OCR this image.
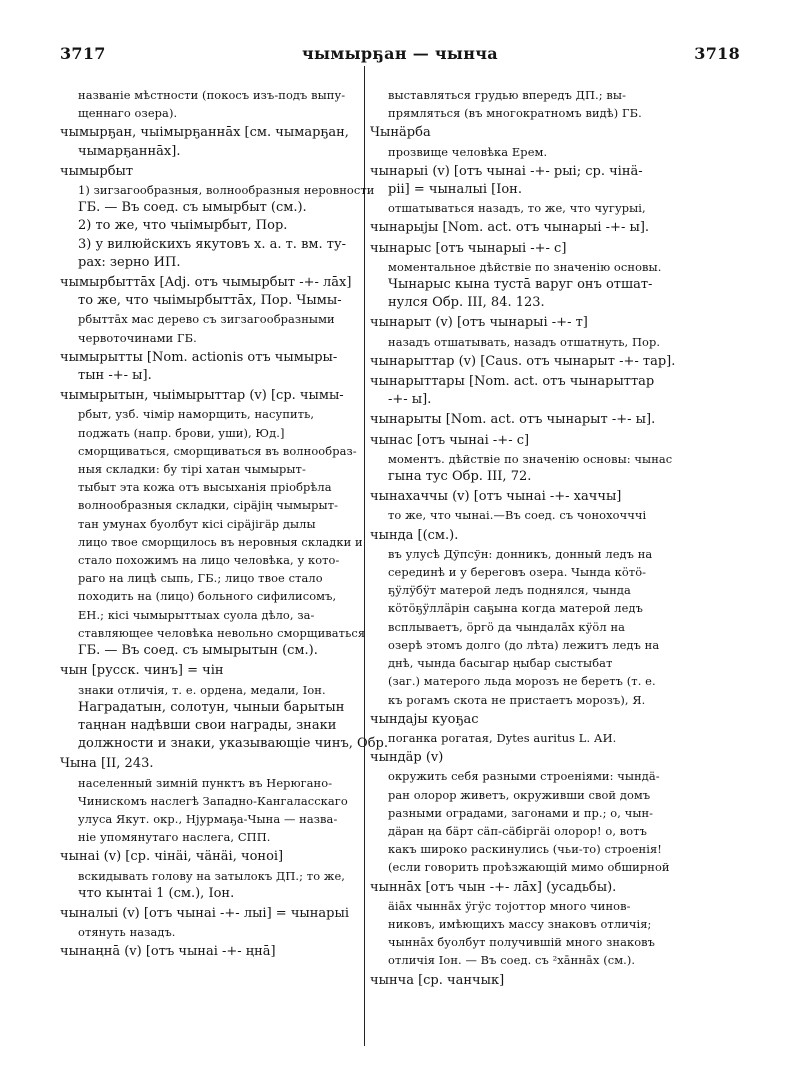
3717	чымырҕан — чынча	3718
названіе мѣстности (покосъ изъ-подъ выпу-
щеннаго озера).
чымырҕан, чыімырҕаннāх [см. чымарҕан,
чымарҕаннāх].
чымырбыт
1) зигзагообразныя, волнообразныя неровности
ГБ. — Въ соед. съ ымырбыт (см.).
2) то же, что чыімырбыт, Пор.
3) у вилюйскихъ якутовъ х. а. т. вм. ту-
рах: зерно ИП.
чымырбыттāх [Adj. отъ чымырбыт -+- лāх]
то же, что чыімырбыттāх, Пор. Чымы-
рбыттāх мас дерево съ зигзагообразными
червоточинами ГБ.
чымырытты [Nom. actionis отъ чымыры-
тын -+- ы].
чымырытын, чыімырыттар (v) [ср. чымы-
рбыт, узб. чімір наморщить, насупить,
поджать (напр. брови, уши), Юд.]
сморщиваться, сморщиваться въ волнообраз-
ныя складки: бу тірі хатан чымырыт-
тыбыт эта кожа отъ высыханія пріобрѣла
волнообразныя складки, сірäjiң чымырыт-
тан умунах буолбут кісі сірäjiгäр дылы
лицо твое сморщилось въ неровныя складки и
стало похожимъ на лицо человѣка, у кото-
раго на лицѣ сыпь, ГБ.; лицо твое стало
походить на (лицо) больного сифилисомъ,
ЕН.; кісі чымырыттыаx суола дѣло, за-
ставляющее человѣка невольно сморщиваться
ГБ. — Въ соед. съ ымырытын (см.).
чын [русск. чинъ] = чін
знаки отличія, т. е. ордена, медали, Іон.
Наградатын, солотун, чыныи барытын
таңнан надѣвши свои награды, знаки
должности и знаки, указывающіе чинъ, Обр.
Чына [II, 243.
населенный зимній пунктъ въ Нерюгано-
Чинискомъ наслегѣ Западно-Кангаласскаго
улуса Якут. окр., Нјурмаҕа-Чына — назва-
ніе упомянутаго наслега, СПП.
чынаі (v) [ср. чінäi, чäнäi, чоноі]
вскидывать голову на затылокъ ДП.; то же,
что кынтаі 1 (см.), Іон.
чыналыі (v) [отъ чынаі -+- лыі] = чынарыі
отянуть назадъ.
чынаңнā (v) [отъ чынаі -+- ңнā]
выставляться грудью впередъ ДП.; вы-
прямляться (въ многократномъ видѣ) ГБ.
Чынäрба
прозвище человѣка Ерем.
чынарыі (v) [отъ чынаі -+- рыі; ср. чінä-
рiі] = чыналыі [Іон.
отшатываться назадъ, то же, что чугурыі,
чынарыjы [Nom. act. отъ чынарыі -+- ы].
чынарыс [отъ чынарыі -+- с]
моментальное дѣйствіе по значенію основы.
Чынарыс кына тустā варуг онъ отшат-
нулся Обр. III, 84. 123.
чынарыт (v) [отъ чынарыі -+- т]
назадъ отшатывать, назадъ отшатнуть, Пор.
чынарыттар (v) [Caus. отъ чынарыт -+- тар].
чынарыттары [Nom. act. отъ чынарыттар
-+- ы].
чынарыты [Nom. act. отъ чынарыт -+- ы].
чынас [отъ чынаі -+- с]
моментъ. дѣйствіе по значенію основы: чынас
гына тус Обр. III, 72.
чынахаччы (v) [отъ чынаі -+- хаччы]
то же, что чынаі.—Въ соед. съ чонохочччі
чында [(см.).
въ улусѣ Дўпсўн: донникъ, донный ледъ на
серединѣ и у береговъ озера. Чында кӧтӧ-
ҕӱлӱбӱт матерой ледъ поднялся, чында
кӧтӧҕӱллӓрін саҕына когда матерой ледъ
всплываетъ, ӧргӧ да чындалāх кӱӧл на
озерѣ этомъ долго (до лѣта) лежитъ ледъ на
днѣ, чында басыгар ңыбар сыстыбат
(заг.) матерого льда морозъ не беретъ (т. е.
къ рогамъ скота не пристаетъ морозъ), Я.
чындаjы куоҕас
поганка рогатая, Dytes auritus L. АИ.
чындäр (v)
окружить себя разными строеніями: чындä-
ран олорор живетъ, окруживши свой домъ
разными оградами, загонами и пр.; о, чын-
дäран ңа бäрт сäп-сäбіргäі олорор! о, вотъ
какъ широко раскинулись (чьи-то) строенія!
(если говорить проѣзжающій мимо обширной
чыннāх [отъ чын -+- лāх] (усадьбы).
äiāх чыннāх ӱгӱс тојоттор много чинов-
никовъ, имѣющихъ массу знаковъ отличія;
чыннāх буолбут получившій много знаковъ
отличія Іон. — Въ соед. съ ²хāннāх (см.).
чынча [ср. чанчык]
